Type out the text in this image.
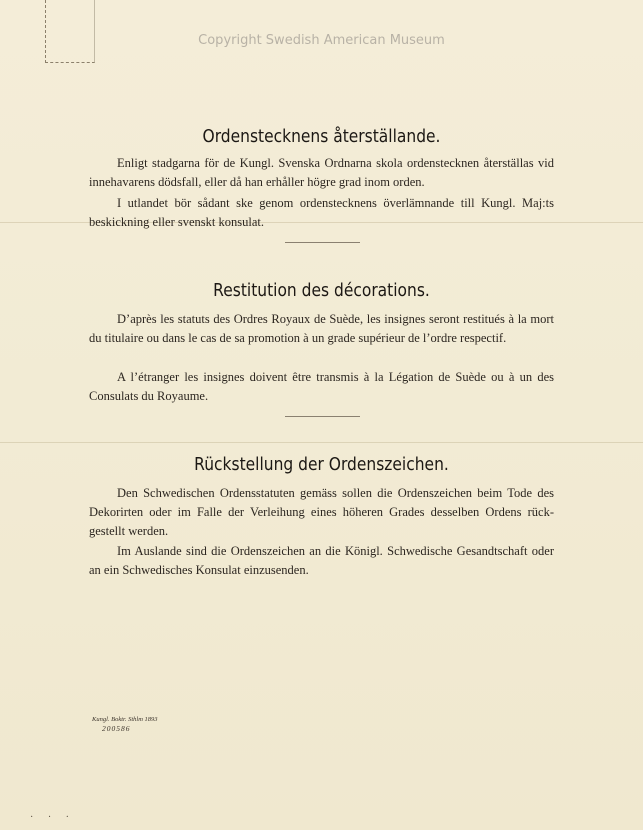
Copyright Swedish American Museum
Ordenstecknens återställande.
Enligt stadgarna för de Kungl. Svenska Ordnarna skola ordenstecknen återställas vid innehavarens dödsfall, eller då han erhåller högre grad inom orden.
I utlandet bör sådant ske genom ordenstecknens överlämnande till Kungl. Maj:ts beskickning eller svenskt konsulat.
Restitution des décorations.
D’après les statuts des Ordres Royaux de Suède, les insignes seront restitués à la mort du titulaire ou dans le cas de sa promotion à un grade supérieur de l’ordre respectif.
A l’étranger les insignes doivent être transmis à la Légation de Suède ou à un des Consulats du Royaume.
Rückstellung der Ordenszeichen.
Den Schwedischen Ordensstatuten gemäss sollen die Ordenszeichen beim Tode des Dekorirten oder im Falle der Verleihung eines höheren Grades desselben Ordens rück-gestellt werden.
Im Auslande sind die Ordenszeichen an die Königl. Schwedische Gesandtschaft oder an ein Schwedisches Konsulat einzusenden.
Kungl. Boktr. Sthlm 1893
200586
· · ·
